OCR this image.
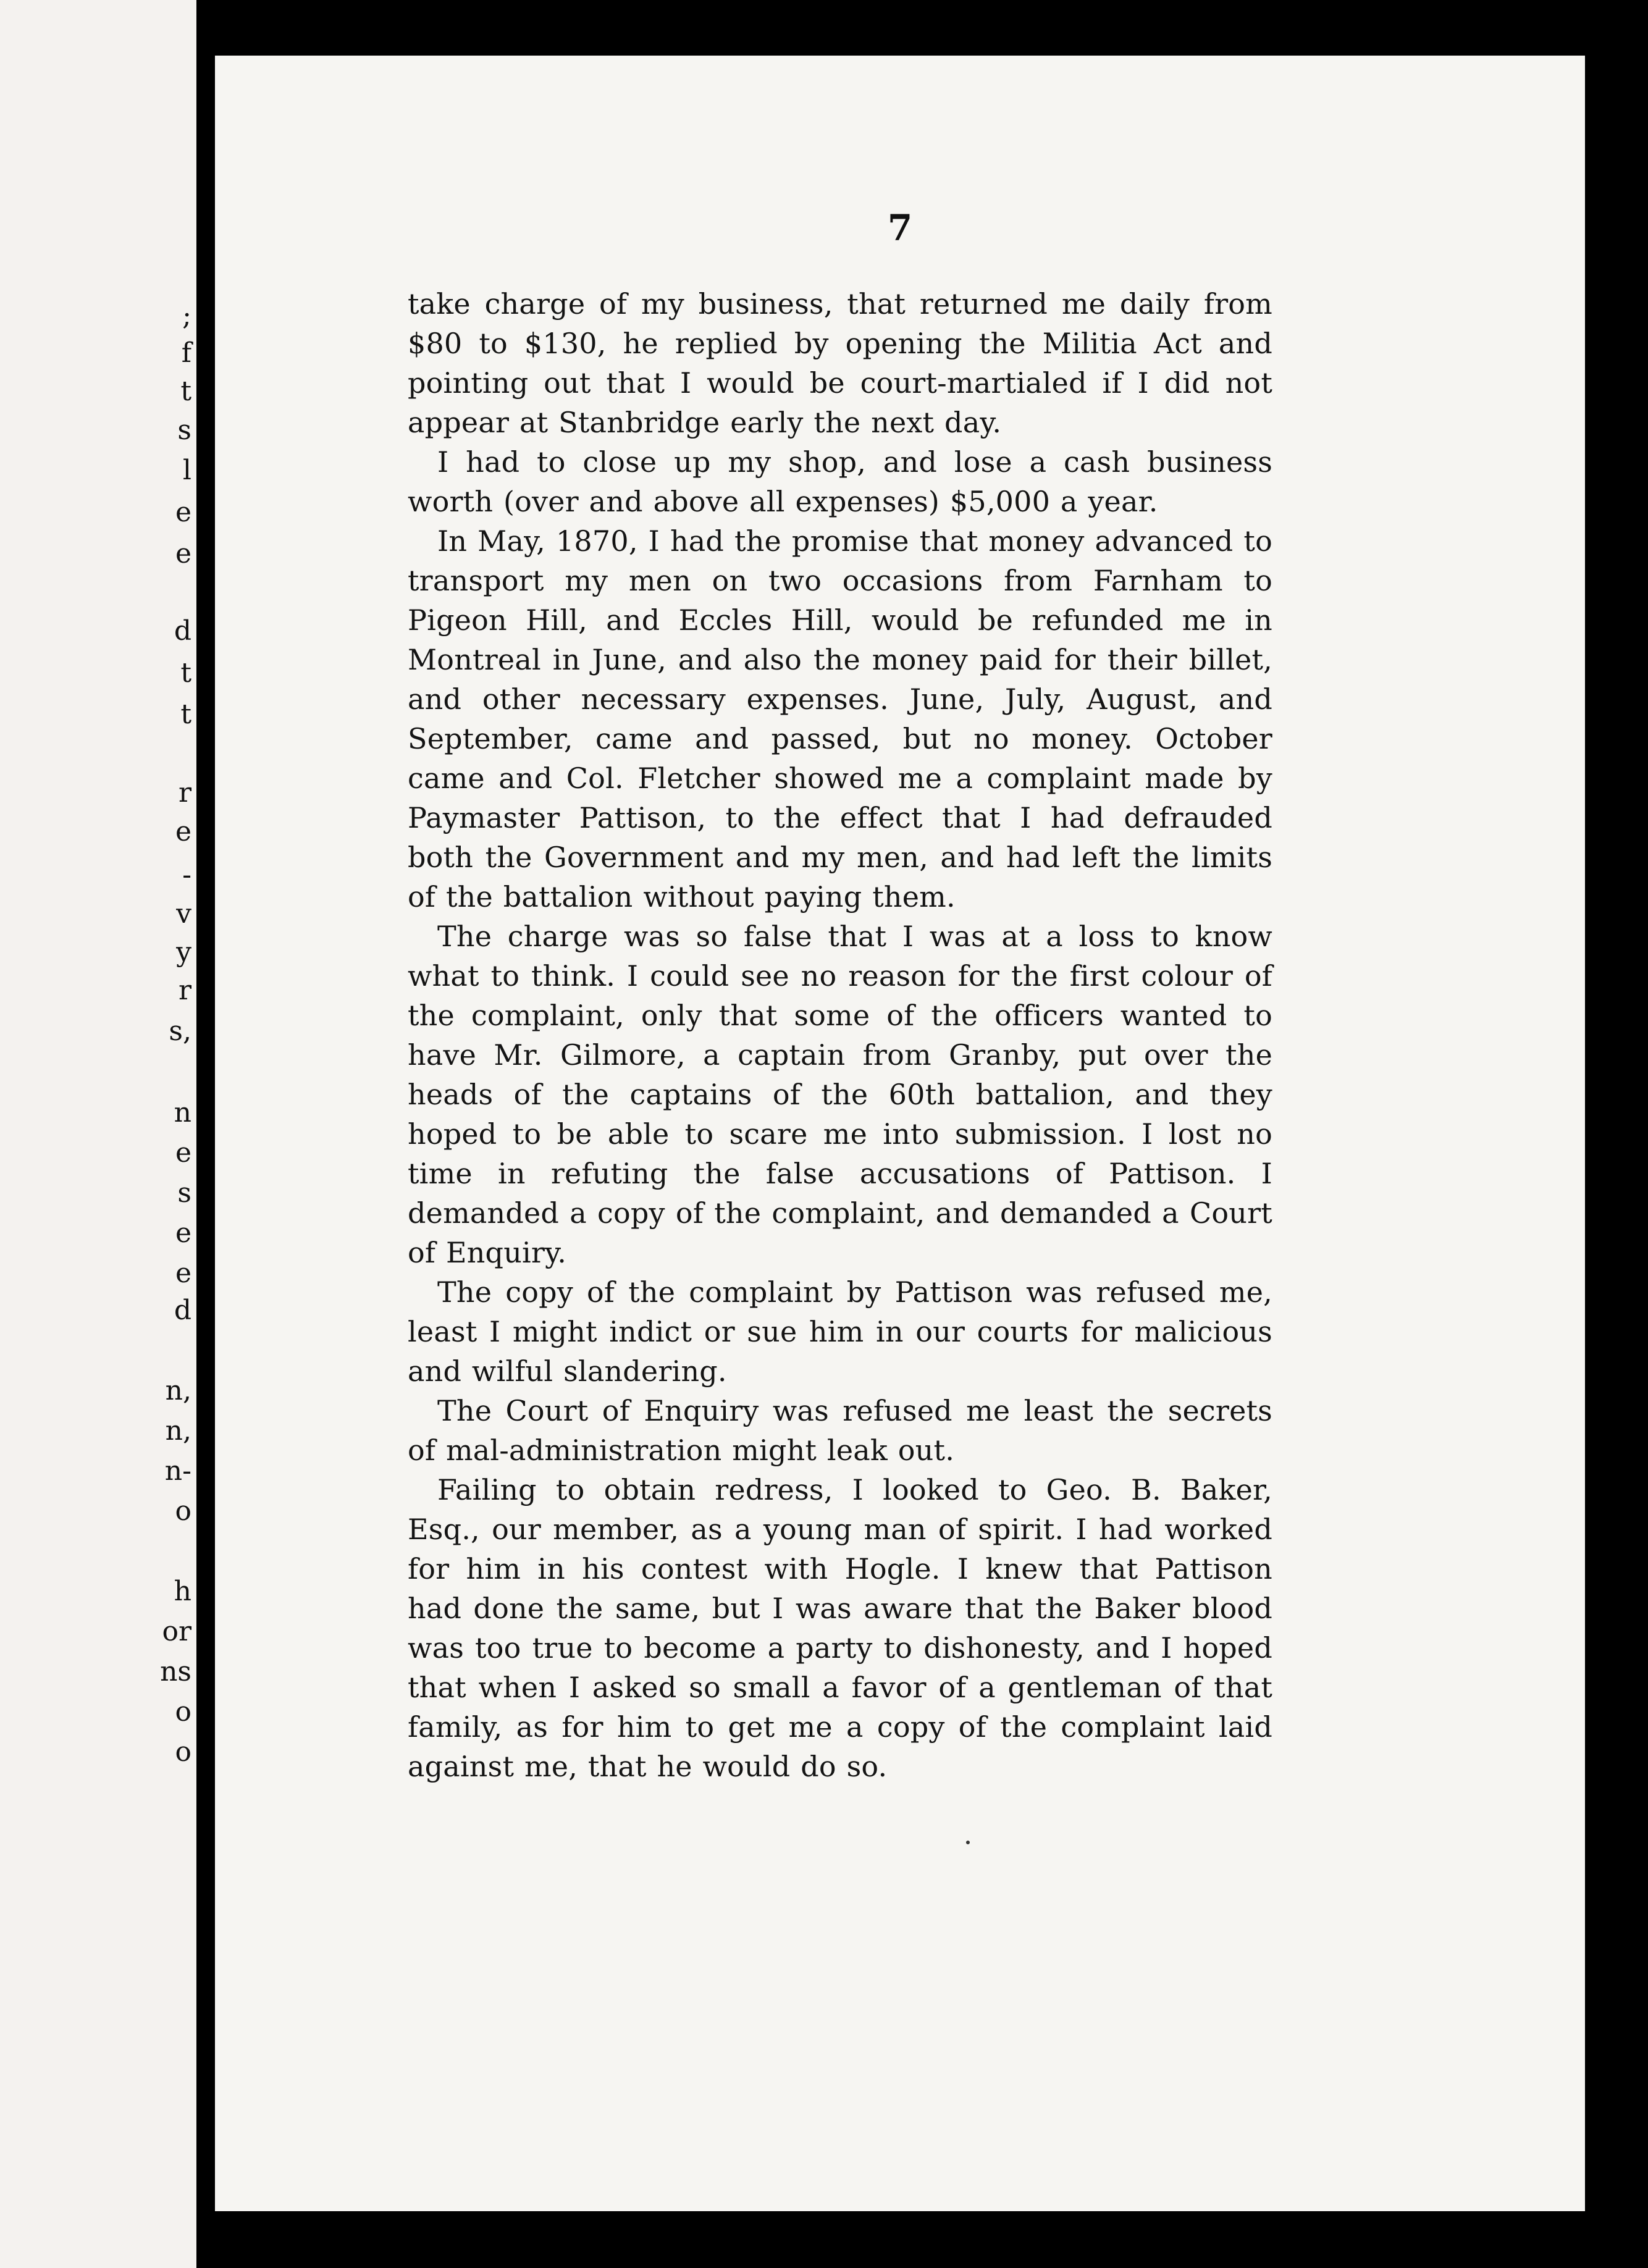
;
f
t
s
l
e
e
d
t
t
r
e
-
v
y
r
s,
n
e
s
e
e
d
n,
n,
n-
o
h
or
ns
o
o
7

take charge of my business, that returned me daily from $80 to $130, he replied by opening the Militia Act and pointing out that I would be court-martialed if I did not appear at Stanbridge early the next day.

I had to close up my shop, and lose a cash business worth (over and above all expenses) $5,000 a year.

In May, 1870, I had the promise that money advanced to transport my men on two occasions from Farnham to Pigeon Hill, and Eccles Hill, would be refunded me in Montreal in June, and also the money paid for their billet, and other necessary expenses. June, July, August, and September, came and passed, but no money. October came and Col. Fletcher showed me a complaint made by Paymaster Pattison, to the effect that I had defrauded both the Government and my men, and had left the limits of the battalion without paying them.

The charge was so false that I was at a loss to know what to think. I could see no reason for the first colour of the complaint, only that some of the officers wanted to have Mr. Gilmore, a captain from Granby, put over the heads of the captains of the 60th battalion, and they hoped to be able to scare me into submission. I lost no time in refuting the false accusations of Pattison. I demanded a copy of the complaint, and demanded a Court of Enquiry.

The copy of the complaint by Pattison was refused me, least I might indict or sue him in our courts for malicious and wilful slandering.

The Court of Enquiry was refused me least the secrets of mal-administration might leak out.

Failing to obtain redress, I looked to Geo. B. Baker, Esq., our member, as a young man of spirit. I had worked for him in his contest with Hogle. I knew that Pattison had done the same, but I was aware that the Baker blood was too true to become a party to dishonesty, and I hoped that when I asked so small a favor of a gentleman of that family, as for him to get me a copy of the complaint laid against me, that he would do so.
